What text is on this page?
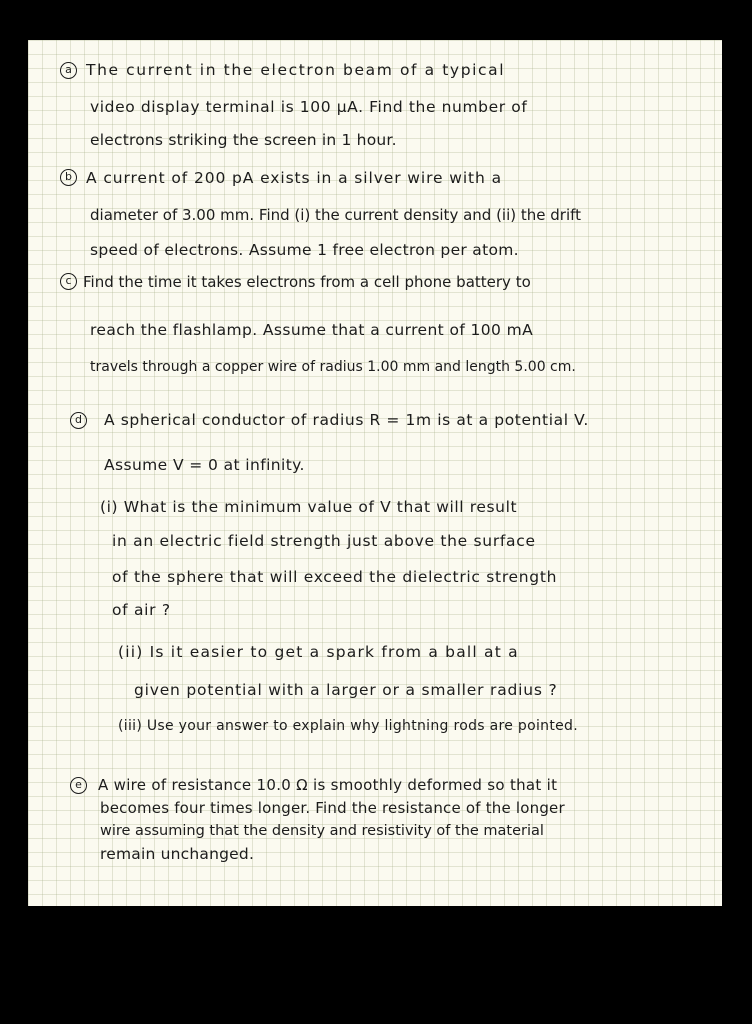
a The current in the electron beam of a typical
video display terminal is 100 μA. Find the number of
electrons striking the screen in 1 hour.
b A current of 200 pA exists in a silver wire with a
diameter of 3.00 mm. Find (i) the current density and (ii) the drift
speed of electrons. Assume 1 free electron per atom.
c Find the time it takes electrons from a cell phone battery to
reach the flashlamp. Assume that a current of 100 mA
travels through a copper wire of radius 1.00 mm and length 5.00 cm.
d	A spherical conductor of radius R = 1m is at a potential V.
Assume V = 0 at infinity.
(i) What is the minimum value of V that will result
in an electric field strength just above the surface
of the sphere that will exceed the dielectric strength
of air ?
(ii) Is it easier to get a spark from a ball at a
given potential with a larger or a smaller radius ?
(iii) Use your answer to explain why lightning rods are pointed.
e	A wire of resistance 10.0 Ω is smoothly deformed so that it
becomes four times longer. Find the resistance of the longer
wire assuming that the density and resistivity of the material
remain unchanged.
